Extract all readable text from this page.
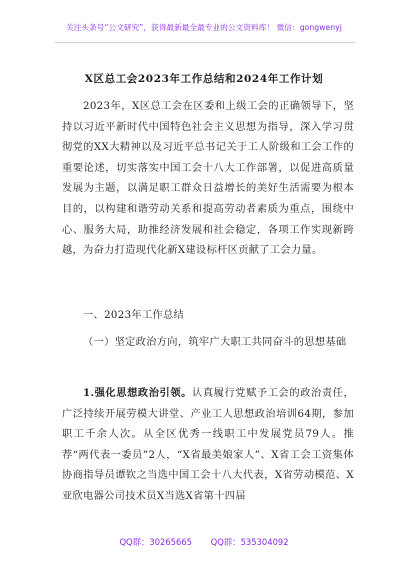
关注头条号“公文研究”，获得最新最全最专业的公文资料库！ 微信：gongwenyj
X区总工会2023年工作总结和2024年工作计划
2023年，X区总工会在区委和上级工会的正确领导下，坚持以习近平新时代中国特色社会主义思想为指导，深入学习贯彻党的XX大精神以及习近平总书记关于工人阶级和工会工作的重要论述，切实落实中国工会十八大工作部署，以促进高质量发展为主题，以满足职工群众日益增长的美好生活需要为根本目的，以构建和谐劳动关系和提高劳动者素质为重点，围绕中心、服务大局，助推经济发展和社会稳定，各项工作实现新跨越，为奋力打造现代化新X建设标杆区贡献了工会力量。
一、2023年工作总结
（一）坚定政治方向，筑牢广大职工共同奋斗的思想基础
1.强化思想政治引领。认真履行党赋予工会的政治责任，广泛持续开展劳模大讲堂、产业工人思想政治培训64期，参加职工千余人次。从全区优秀一线职工中发展党员79人。推荐“两代表一委员”2人，“X省最美娘家人”、X省工会工资集体协商指导员谭钦之当选中国工会十八大代表，X省劳动模范、X亚欣电器公司技术员X当选X省第十四届
QQ群：30265665 QQ群：535304092
